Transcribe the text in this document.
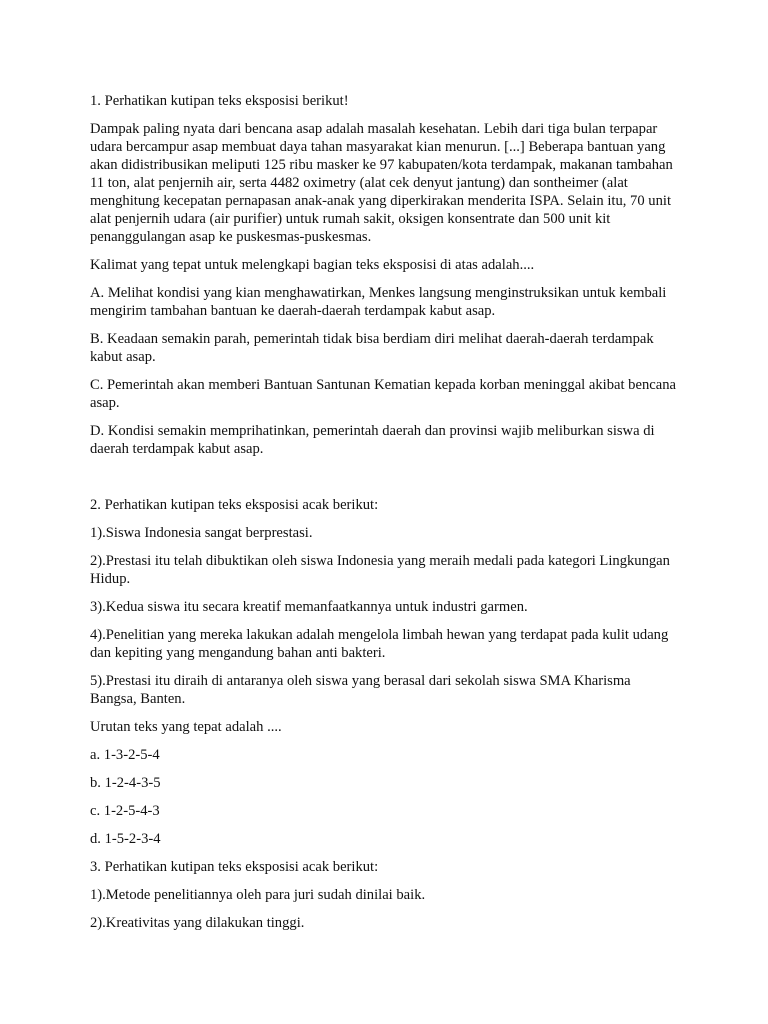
1. Perhatikan kutipan teks eksposisi berikut!

Dampak paling nyata dari bencana asap adalah masalah kesehatan. Lebih dari tiga bulan terpapar udara bercampur asap membuat daya tahan masyarakat kian menurun. [...] Beberapa bantuan yang akan didistribusikan meliputi 125 ribu masker ke 97 kabupaten/kota terdampak, makanan tambahan 11 ton, alat penjernih air, serta 4482 oximetry (alat cek denyut jantung) dan sontheimer (alat menghitung kecepatan pernapasan anak-anak yang diperkirakan menderita ISPA. Selain itu, 70 unit alat penjernih udara (air purifier) untuk rumah sakit, oksigen konsentrate dan 500 unit kit penanggulangan asap ke puskesmas-puskesmas.

Kalimat yang tepat untuk melengkapi bagian teks eksposisi di atas adalah....

A. Melihat kondisi yang kian menghawatirkan, Menkes langsung menginstruksikan untuk kembali mengirim tambahan bantuan ke daerah-daerah terdampak kabut asap.

B. Keadaan semakin parah, pemerintah tidak bisa berdiam diri melihat daerah-daerah terdampak kabut asap.

C. Pemerintah akan memberi Bantuan Santunan Kematian kepada korban meninggal akibat bencana asap.

D. Kondisi semakin memprihatinkan, pemerintah daerah dan provinsi wajib meliburkan siswa di daerah terdampak kabut asap.

2. Perhatikan kutipan teks eksposisi acak berikut:

1).Siswa Indonesia sangat berprestasi.

2).Prestasi itu telah dibuktikan oleh siswa Indonesia yang meraih medali pada kategori Lingkungan Hidup.

3).Kedua siswa itu secara kreatif memanfaatkannya untuk industri garmen.

4).Penelitian yang mereka lakukan adalah mengelola limbah hewan yang terdapat pada kulit udang dan kepiting yang mengandung bahan anti bakteri.

5).Prestasi itu diraih di antaranya oleh siswa yang berasal dari sekolah siswa SMA Kharisma Bangsa, Banten.

Urutan teks yang tepat adalah ....

a. 1-3-2-5-4

b. 1-2-4-3-5

c. 1-2-5-4-3

d. 1-5-2-3-4

3. Perhatikan kutipan teks eksposisi acak berikut:

1).Metode penelitiannya oleh para juri sudah dinilai baik.

2).Kreativitas yang dilakukan tinggi.
